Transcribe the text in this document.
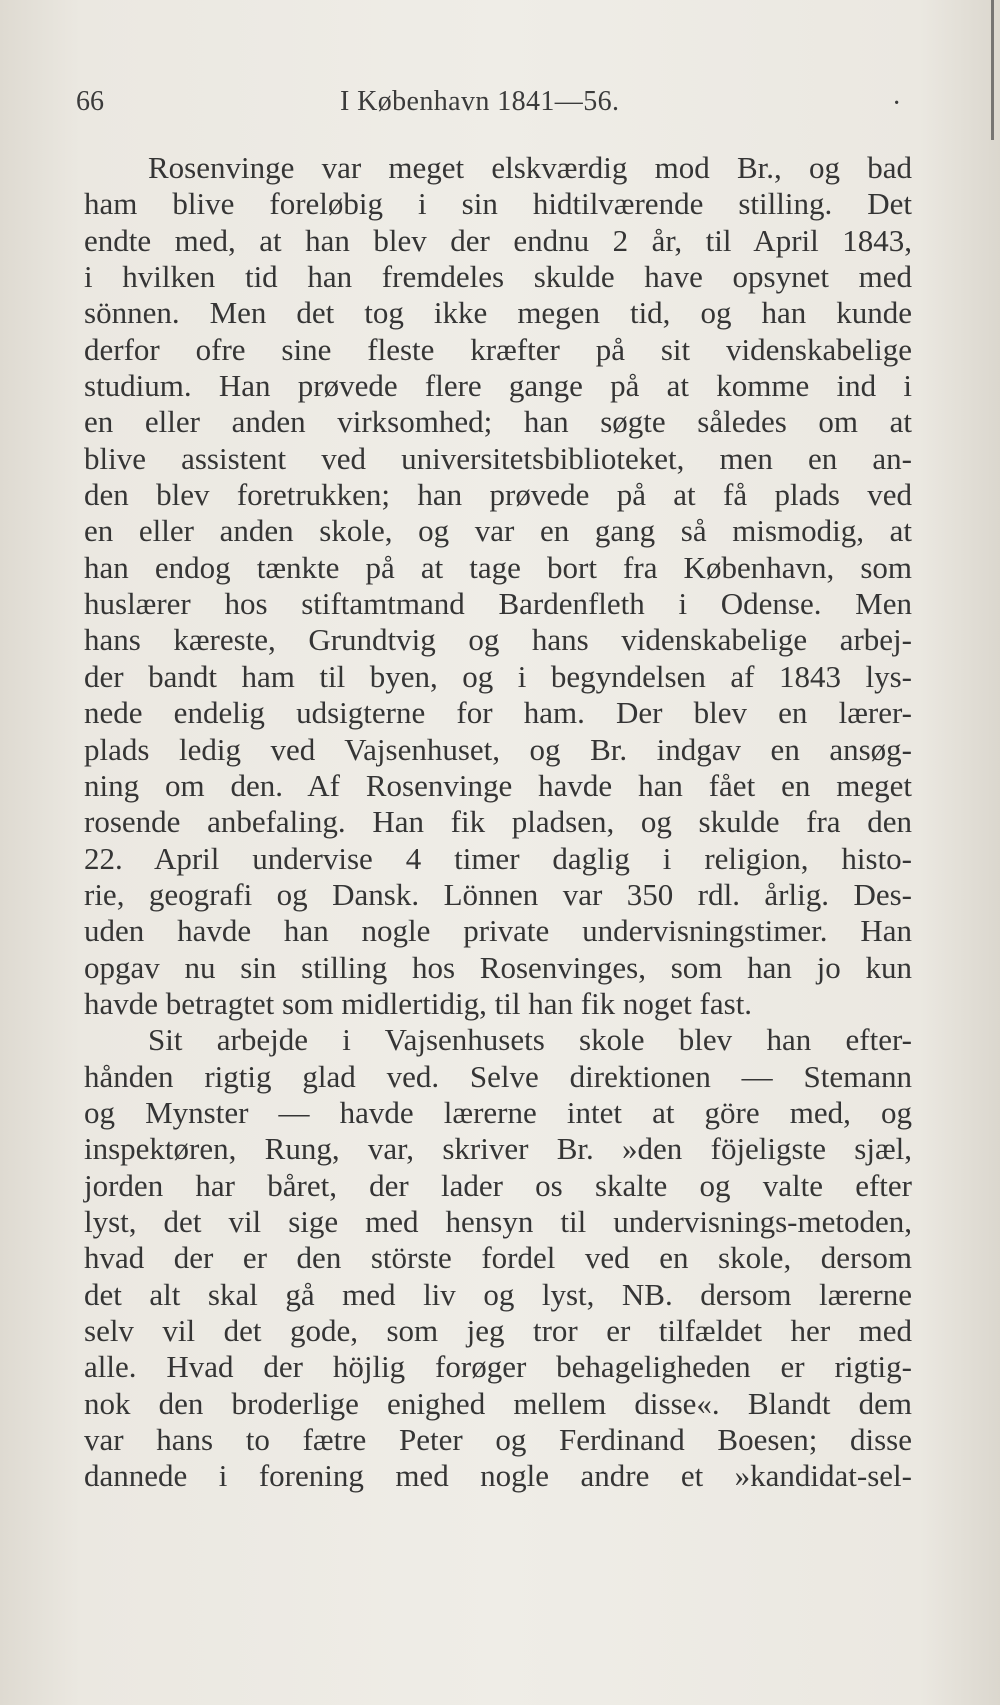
66	I København 1841—56.	·
Rosenvinge var meget elskværdig mod Br., og bad
ham blive foreløbig i sin hidtilværende stilling. Det
endte med, at han blev der endnu 2 år, til April 1843,
i hvilken tid han fremdeles skulde have opsynet med
sönnen. Men det tog ikke megen tid, og han kunde
derfor ofre sine fleste kræfter på sit videnskabelige
studium. Han prøvede flere gange på at komme ind i
en eller anden virksomhed; han søgte således om at
blive assistent ved universitetsbiblioteket, men en an-
den blev foretrukken; han prøvede på at få plads ved
en eller anden skole, og var en gang så mismodig, at
han endog tænkte på at tage bort fra København, som
huslærer hos stiftamtmand Bardenfleth i Odense. Men
hans kæreste, Grundtvig og hans videnskabelige arbej-
der bandt ham til byen, og i begyndelsen af 1843 lys-
nede endelig udsigterne for ham. Der blev en lærer-
plads ledig ved Vajsenhuset, og Br. indgav en ansøg-
ning om den. Af Rosenvinge havde han fået en meget
rosende anbefaling. Han fik pladsen, og skulde fra den
22. April undervise 4 timer daglig i religion, histo-
rie, geografi og Dansk. Lönnen var 350 rdl. årlig. Des-
uden havde han nogle private undervisningstimer. Han
opgav nu sin stilling hos Rosenvinges, som han jo kun
havde betragtet som midlertidig, til han fik noget fast.
Sit arbejde i Vajsenhusets skole blev han efter-
hånden rigtig glad ved. Selve direktionen — Stemann
og Mynster — havde lærerne intet at göre med, og
inspektøren, Rung, var, skriver Br. »den föjeligste sjæl,
jorden har båret, der lader os skalte og valte efter
lyst, det vil sige med hensyn til undervisnings-metoden,
hvad der er den störste fordel ved en skole, dersom
det alt skal gå med liv og lyst, NB. dersom lærerne
selv vil det gode, som jeg tror er tilfældet her med
alle. Hvad der höjlig forøger behageligheden er rigtig-
nok den broderlige enighed mellem disse«. Blandt dem
var hans to fætre Peter og Ferdinand Boesen; disse
dannede i forening med nogle andre et »kandidat-sel-
